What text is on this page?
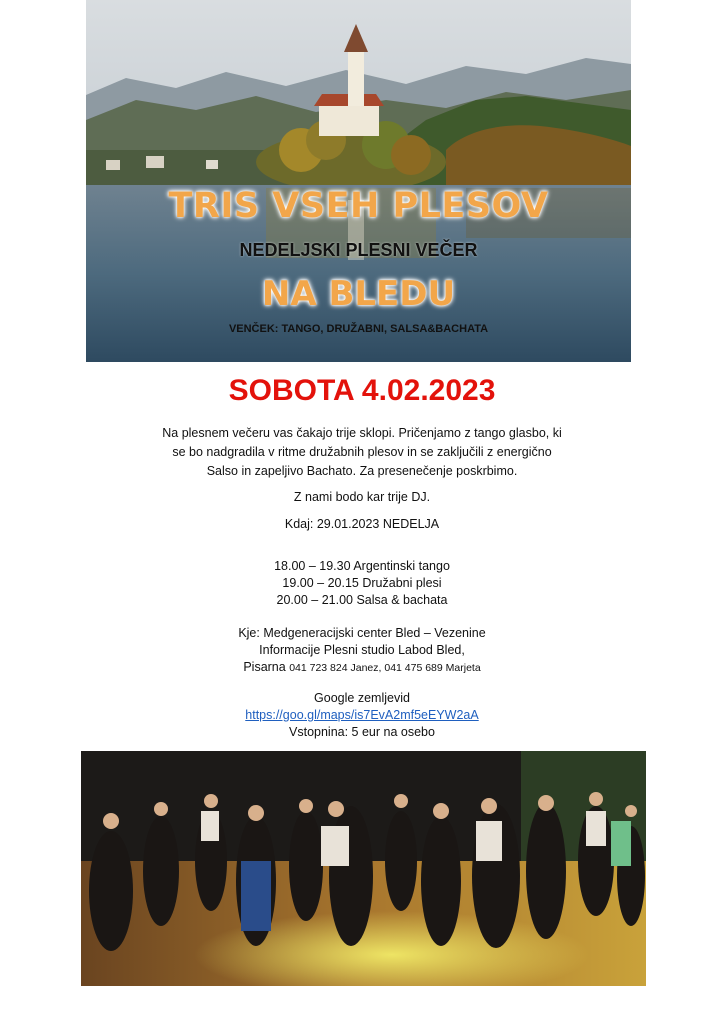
TRIS VSEH PLESOV
NEDELJSKI PLESNI VEČER
NA BLEDU
VENČEK: TANGO, DRUŽABNI, SALSA&BACHATA
SOBOTA 4.02.2023
Na plesnem večeru vas čakajo trije sklopi. Pričenjamo z tango glasbo, ki
se bo nadgradila v ritme družabnih plesov in se zaključili z energično
Salso in zapeljivo Bachato. Za presenečenje poskrbimo.
Z nami bodo kar trije DJ.
Kdaj: 29.01.2023 NEDELJA
18.00 – 19.30 Argentinski tango
19.00 – 20.15 Družabni plesi
20.00 – 21.00 Salsa & bachata
Kje: Medgeneracijski center Bled – Vezenine
Informacije Plesni studio Labod Bled,
Pisarna 041 723 824 Janez, 041 475 689 Marjeta
Google zemljevid
https://goo.gl/maps/is7EvA2mf5eEYW2aA
Vstopnina: 5 eur na osebo
